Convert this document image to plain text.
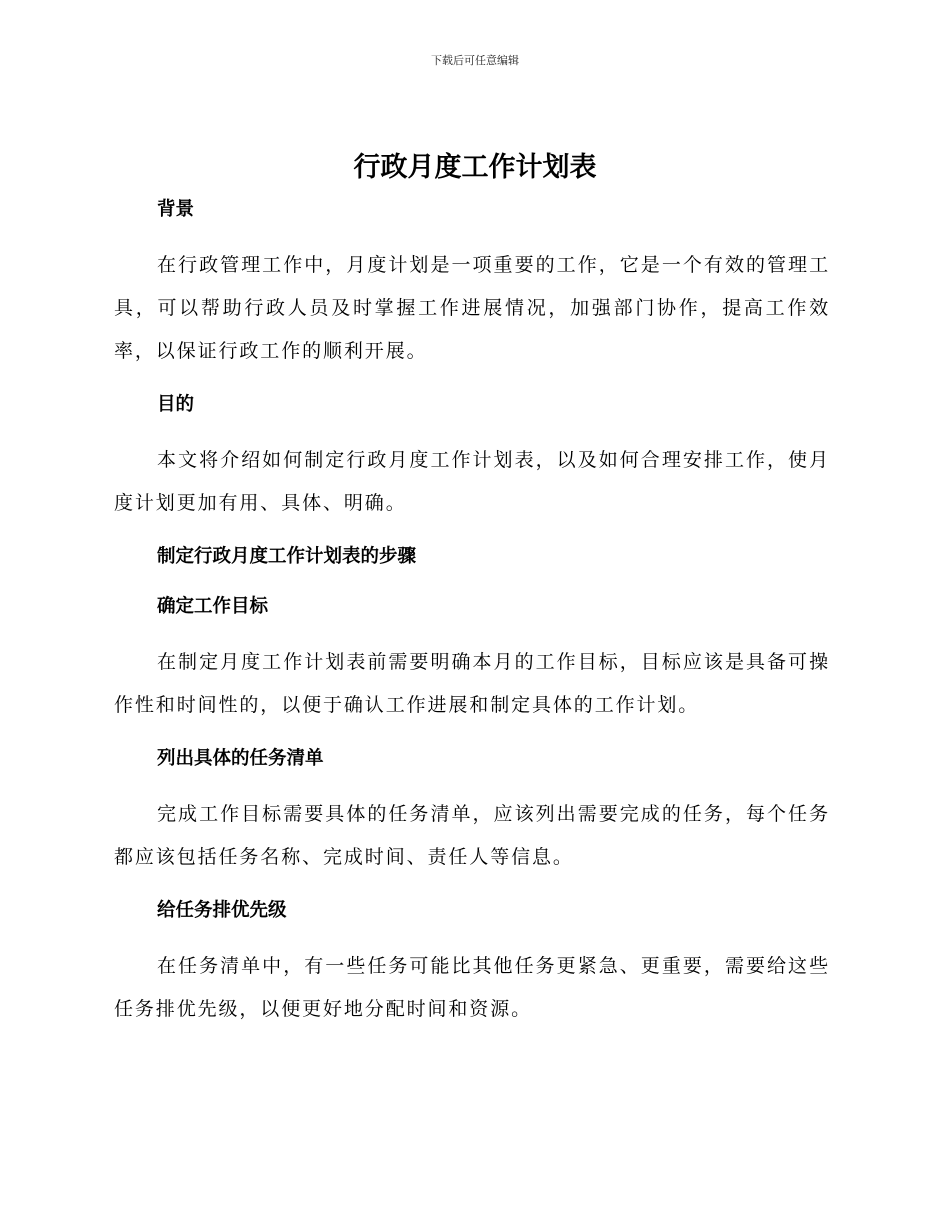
下载后可任意编辑
行政月度工作计划表
背景

在行政管理工作中，月度计划是一项重要的工作，它是一个有效的管理工具，可以帮助行政人员及时掌握工作进展情况，加强部门协作，提高工作效率，以保证行政工作的顺利开展。

目的

本文将介绍如何制定行政月度工作计划表，以及如何合理安排工作，使月度计划更加有用、具体、明确。

制定行政月度工作计划表的步骤
确定工作目标

在制定月度工作计划表前需要明确本月的工作目标，目标应该是具备可操作性和时间性的，以便于确认工作进展和制定具体的工作计划。

列出具体的任务清单

完成工作目标需要具体的任务清单，应该列出需要完成的任务，每个任务都应该包括任务名称、完成时间、责任人等信息。

给任务排优先级

在任务清单中，有一些任务可能比其他任务更紧急、更重要，需要给这些任务排优先级，以便更好地分配时间和资源。
